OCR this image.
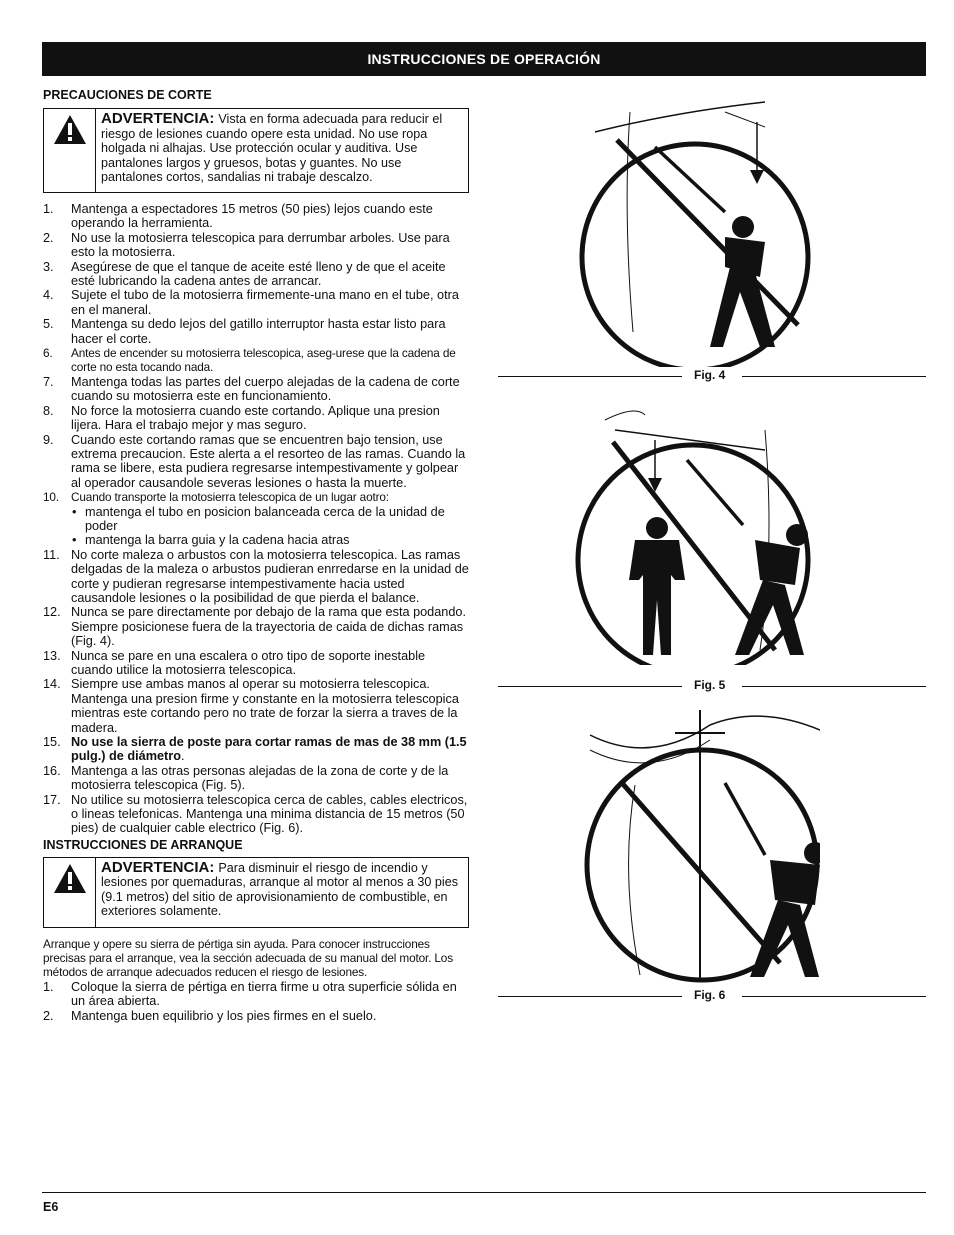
INSTRUCCIONES DE OPERACIÓN
PRECAUCIONES DE CORTE
ADVERTENCIA: Vista en forma adecuada para reducir el riesgo de lesiones cuando opere esta unidad. No use ropa holgada ni alhajas. Use protección ocular y auditiva. Use pantalones largos y gruesos, botas y guantes. No use pantalones cortos, sandalias ni trabaje descalzo.
1. Mantenga a espectadores 15 metros (50 pies) lejos cuando este operando la herramienta.
2. No use la motosierra telescopica para derrumbar arboles. Use para esto la motosierra.
3. Asegúrese de que el tanque de aceite esté lleno y de que el aceite esté lubricando la cadena antes de arrancar.
4. Sujete el tubo de la motosierra firmemente-una mano en el tube, otra en el maneral.
5. Mantenga su dedo lejos del gatillo interruptor hasta estar listo para hacer el corte.
6. Antes de encender su motosierra telescopica, aseg-urese que la cadena de corte no esta tocando nada.
7. Mantenga todas las partes del cuerpo alejadas de la cadena de corte cuando su motosierra este en funcionamiento.
8. No force la motosierra cuando este cortando. Aplique una presion lijera. Hara el trabajo mejor y mas seguro.
9. Cuando este cortando ramas que se encuentren bajo tension, use extrema precaucion. Este alerta a el resorteo de las ramas. Cuando la rama se libere, esta pudiera regresarse intempestivamente y golpear al operador causandole severas lesiones o hasta la muerte.
10. Cuando transporte la motosierra telescopica de un lugar aotro:
• mantenga el tubo en posicion balanceada cerca de la unidad de poder
• mantenga la barra guia y la cadena hacia atras
11. No corte maleza o arbustos con la motosierra telescopica. Las ramas delgadas de la maleza o arbustos pudieran enrredarse en la unidad de corte y pudieran regresarse intempestivamente hacia usted causandole lesiones o la posibilidad de que pierda el balance.
12. Nunca se pare directamente por debajo de la rama que esta podando. Siempre posicionese fuera de la trayectoria de caida de dichas ramas (Fig. 4).
13. Nunca se pare en una escalera o otro tipo de soporte inestable cuando utilice la motosierra telescopica.
14. Siempre use ambas manos al operar su motosierra telescopica. Mantenga una presion firme y constante en la motosierra telescopica mientras este cortando pero no trate de forzar la sierra a traves de la madera.
15. No use la sierra de poste para cortar ramas de mas de 38 mm (1.5 pulg.) de diámetro.
16. Mantenga a las otras personas alejadas de la zona de corte y de la motosierra telescopica (Fig. 5).
17. No utilice su motosierra telescopica cerca de cables, cables electricos, o lineas telefonicas. Mantenga una minima distancia de 15 metros (50 pies) de cualquier cable electrico (Fig. 6).
INSTRUCCIONES DE ARRANQUE
ADVERTENCIA: Para disminuir el riesgo de incendio y lesiones por quemaduras, arranque al motor al menos a 30 pies (9.1 metros) del sitio de aprovisionamiento de combustible, en exteriores solamente.

Arranque y opere su sierra de pértiga sin ayuda. Para conocer instrucciones precisas para el arranque, vea la sección adecuada de su manual del motor. Los métodos de arranque adecuados reducen el riesgo de lesiones.

1. Coloque la sierra de pértiga en tierra firme u otra superficie sólida en un área abierta.
2. Mantenga buen equilibrio y los pies firmes en el suelo.
Fig. 4
Fig. 5
Fig. 6
E6
